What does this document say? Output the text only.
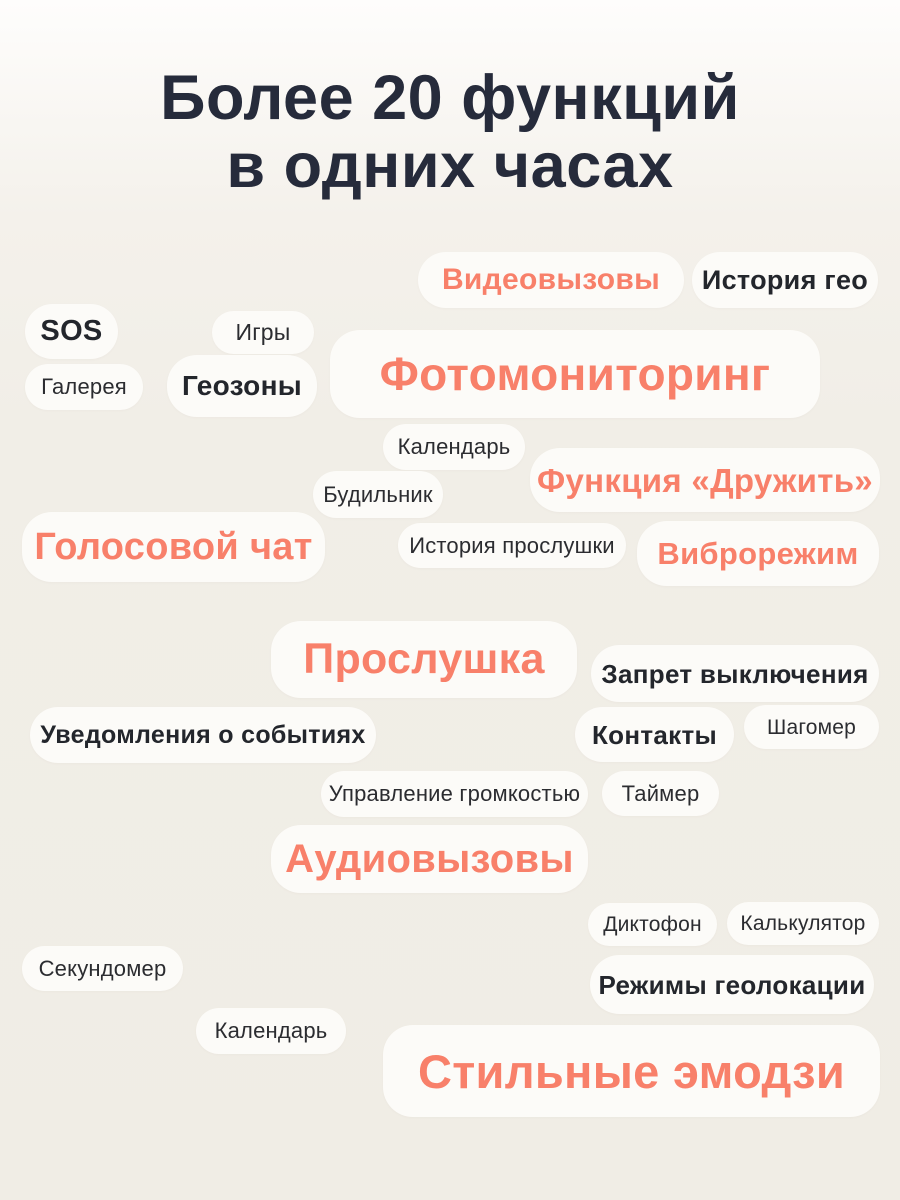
Более 20 функций
в одних часах
Видеовызовы	История гео
SOS	Игры
Фотомониторинг
Галерея	Геозоны
Календарь
Функция «Дружить»
Будильник
Голосовой чат	История прослушки	Виброрежим
Прослушка	Запрет выключения
Уведомления о событиях	Контакты	Шагомер
Управление громкостью	Таймер
Аудиовызовы
Диктофон	Калькулятор
Секундомер
Режимы геолокации
Календарь
Стильные эмодзи
